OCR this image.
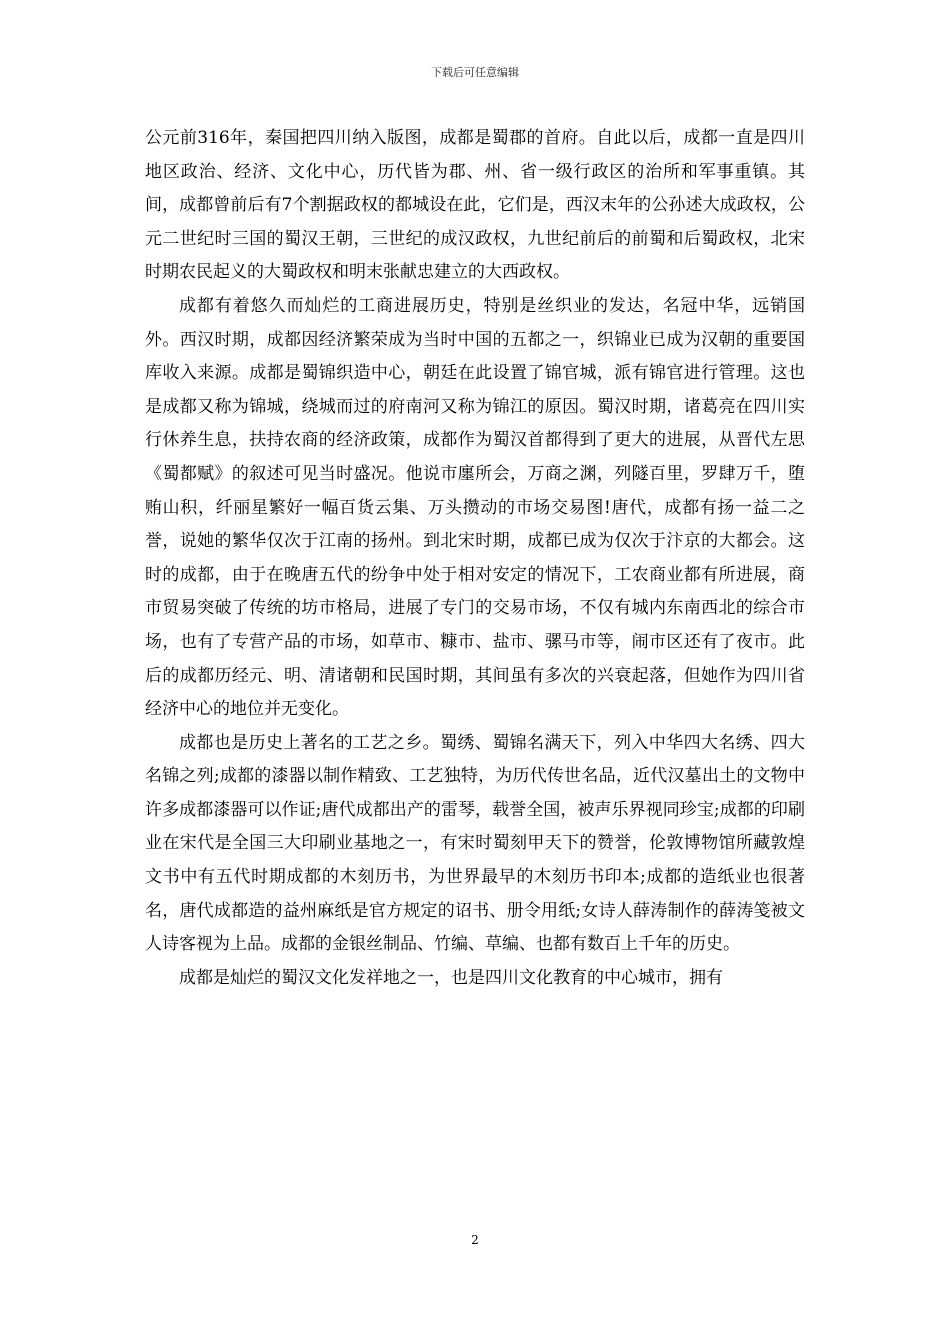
下载后可任意编辑

公元前316年，秦国把四川纳入版图，成都是蜀郡的首府。自此以后，成都一直是四川地区政治、经济、文化中心，历代皆为郡、州、省一级行政区的治所和军事重镇。其间，成都曾前后有7个割据政权的都城设在此，它们是，西汉末年的公孙述大成政权，公元二世纪时三国的蜀汉王朝，三世纪的成汉政权，九世纪前后的前蜀和后蜀政权，北宋时期农民起义的大蜀政权和明末张献忠建立的大西政权。

成都有着悠久而灿烂的工商进展历史，特别是丝织业的发达，名冠中华，远销国外。西汉时期，成都因经济繁荣成为当时中国的五都之一，织锦业已成为汉朝的重要国库收入来源。成都是蜀锦织造中心，朝廷在此设置了锦官城，派有锦官进行管理。这也是成都又称为锦城，绕城而过的府南河又称为锦江的原因。蜀汉时期，诸葛亮在四川实行休养生息，扶持农商的经济政策，成都作为蜀汉首都得到了更大的进展，从晋代左思《蜀都赋》的叙述可见当时盛况。他说市廛所会，万商之渊，列隧百里，罗肆万千，堕贿山积，纤丽星繁好一幅百货云集、万头攒动的市场交易图!唐代，成都有扬一益二之誉，说她的繁华仅次于江南的扬州。到北宋时期，成都已成为仅次于汴京的大都会。这时的成都，由于在晚唐五代的纷争中处于相对安定的情况下，工农商业都有所进展，商市贸易突破了传统的坊市格局，进展了专门的交易市场，不仅有城内东南西北的综合市场，也有了专营产品的市场，如草市、糠市、盐市、骡马市等，闹市区还有了夜市。此后的成都历经元、明、清诸朝和民国时期，其间虽有多次的兴衰起落，但她作为四川省经济中心的地位并无变化。

成都也是历史上著名的工艺之乡。蜀绣、蜀锦名满天下，列入中华四大名绣、四大名锦之列;成都的漆器以制作精致、工艺独特，为历代传世名品，近代汉墓出土的文物中许多成都漆器可以作证;唐代成都出产的雷琴，载誉全国，被声乐界视同珍宝;成都的印刷业在宋代是全国三大印刷业基地之一，有宋时蜀刻甲天下的赞誉，伦敦博物馆所藏敦煌文书中有五代时期成都的木刻历书，为世界最早的木刻历书印本;成都的造纸业也很著名，唐代成都造的益州麻纸是官方规定的诏书、册令用纸;女诗人薛涛制作的薛涛笺被文人诗客视为上品。成都的金银丝制品、竹编、草编、也都有数百上千年的历史。

成都是灿烂的蜀汉文化发祥地之一，也是四川文化教育的中心城市，拥有

2
